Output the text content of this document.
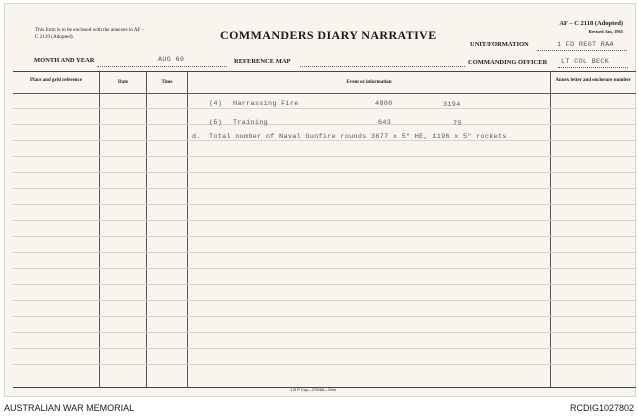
This form is to be enclosed with the annexes in AF – C 2119 (Adopted).	COMMANDERS DIARY NARRATIVE
AF – C 2118 (Adopted)
Revised Jan, 1965
UNIT/FORMATION	1 FD REGT RAA
MONTH AND YEAR	AUG 69	REFERENCE MAP	COMMANDING OFFICER LT COL BECK
Place and grid reference	Date	Time	Event or information	Annex letter and enclosure number
(4) Harrassing Fire	4800	3194
(5) Training	643	75
d. Total number of Naval Gunfire rounds 3677 x 5" HE, 1196 x 5" rockets
1 B P Coy—275/65—25m
AUSTRALIAN WAR MEMORIAL	RCDIG1027802
